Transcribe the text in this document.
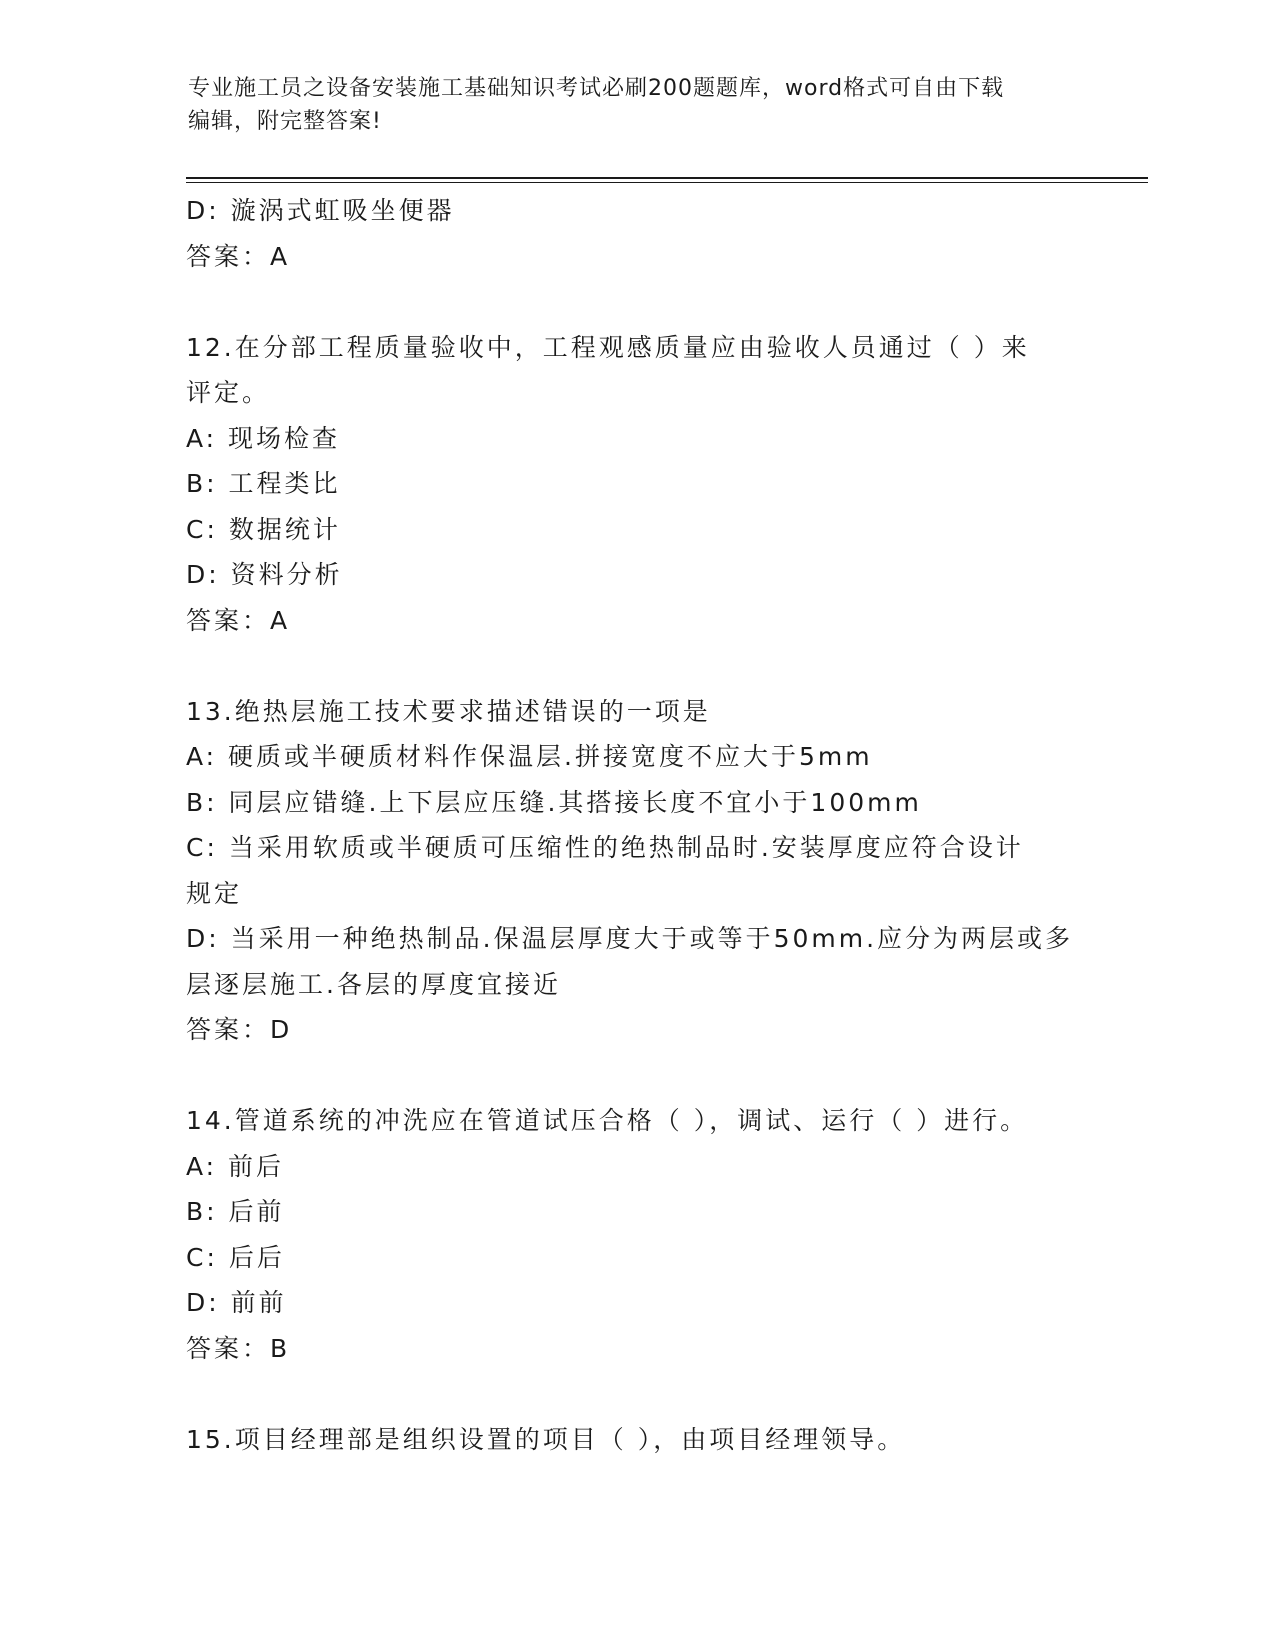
专业施工员之设备安装施工基础知识考试必刷200题题库，word格式可自由下载
编辑，附完整答案!
D: 漩涡式虹吸坐便器
答案：A
12.在分部工程质量验收中，工程观感质量应由验收人员通过（ ）来
评定。
A: 现场检查
B: 工程类比
C: 数据统计
D: 资料分析
答案：A
13.绝热层施工技术要求描述错误的一项是
A: 硬质或半硬质材料作保温层.拼接宽度不应大于5mm
B: 同层应错缝.上下层应压缝.其搭接长度不宜小于100mm
C: 当采用软质或半硬质可压缩性的绝热制品时.安装厚度应符合设计
规定
D: 当采用一种绝热制品.保温层厚度大于或等于50mm.应分为两层或多
层逐层施工.各层的厚度宜接近
答案：D
14.管道系统的冲洗应在管道试压合格（ ），调试、运行（ ）进行。
A: 前后
B: 后前
C: 后后
D: 前前
答案：B
15.项目经理部是组织设置的项目（ ），由项目经理领导。
